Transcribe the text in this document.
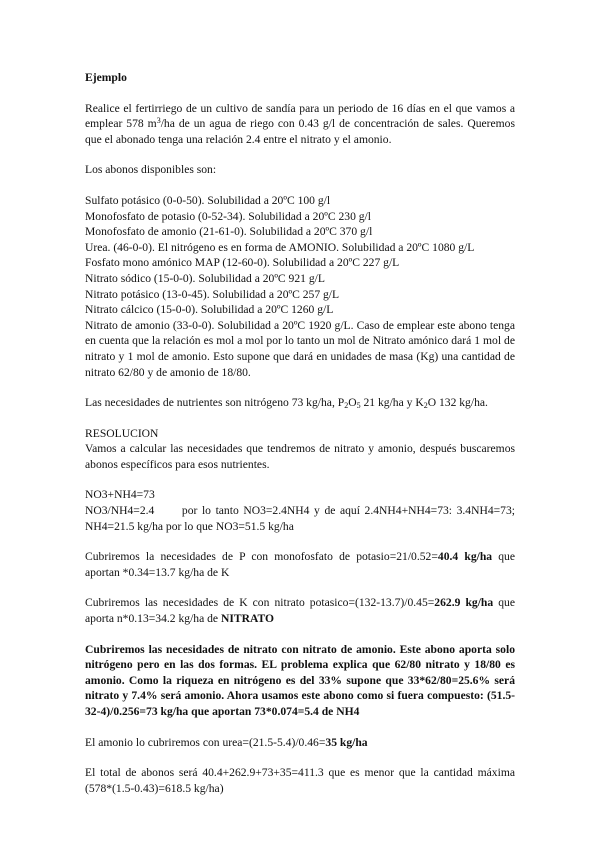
Ejemplo

Realice el fertirriego de un cultivo de sandía para un periodo de 16 días en el que vamos a emplear 578 $m^3/ha$ de un agua de riego con 0.43 g/l de concentración de sales. Queremos que el abonado tenga una relación 2.4 entre el nitrato y el amonio.

Los abonos disponibles son:

Sulfato potásico (0-0-50). Solubilidad a 20ºC 100 g/l

Monofosfato de potasio (0-52-34). Solubilidad a 20ºC 230 g/l

Monofosfato de amonio (21-61-0). Solubilidad a 20ºC 370 g/l

Urea. (46-0-0). El nitrógeno es en forma de AMONIO. Solubilidad a 20ºC 1080 g/L

Fosfato mono amónico MAP (12-60-0). Solubilidad a 20ºC 227 g/L

Nitrato sódico (15-0-0). Solubilidad a 20ºC 921 g/L

Nitrato potásico (13-0-45). Solubilidad a 20ºC 257 g/L

Nitrato cálcico (15-0-0). Solubilidad a 20ºC 1260 g/L

Nitrato de amonio (33-0-0). Solubilidad a 20ºC 1920 g/L. Caso de emplear este abono tenga en cuenta que la relación es mol a mol por lo tanto un mol de Nitrato amónico dará 1 mol de nitrato y 1 mol de amonio. Esto supone que dará en unidades de masa (Kg) una cantidad de nitrato 62/80 y de amonio de 18/80.

Las necesidades de nutrientes son nitrógeno 73 kg/ha, $P_2O_5$ 21 kg/ha y $K_2O$ 132 kg/ha.

RESOLUCION

Vamos a calcular las necesidades que tendremos de nitrato y amonio, después buscaremos abonos específicos para esos nutrientes.

NO3+NH4=73

NO3/NH4=2.4      por lo tanto NO3=2.4NH4 y de aquí 2.4NH4+NH4=73: 3.4NH4=73; NH4=21.5 kg/ha por lo que NO3=51.5 kg/ha

Cubriremos la necesidades de P con monofosfato de potasio=21/0.52=40.4 kg/ha que aportan *0.34=13.7 kg/ha de K

Cubriremos las necesidades de K con nitrato potasico=(132-13.7)/0.45=262.9 kg/ha que aporta n*0.13=34.2 kg/ha de NITRATO

Cubriremos las necesidades de nitrato con nitrato de amonio. Este abono aporta solo nitrógeno pero en las dos formas. EL problema explica que 62/80 nitrato y 18/80 es amonio. Como la riqueza en nitrógeno es del 33% supone que 33*62/80=25.6% será nitrato y 7.4% será amonio. Ahora usamos este abono como si fuera compuesto: (51.5-32-4)/0.256=73 kg/ha que aportan 73*0.074=5.4 de NH4

El amonio lo cubriremos con urea=(21.5-5.4)/0.46=35 kg/ha

El total de abonos será 40.4+262.9+73+35=411.3 que es menor que la cantidad máxima (578*(1.5-0.43)=618.5 kg/ha)
